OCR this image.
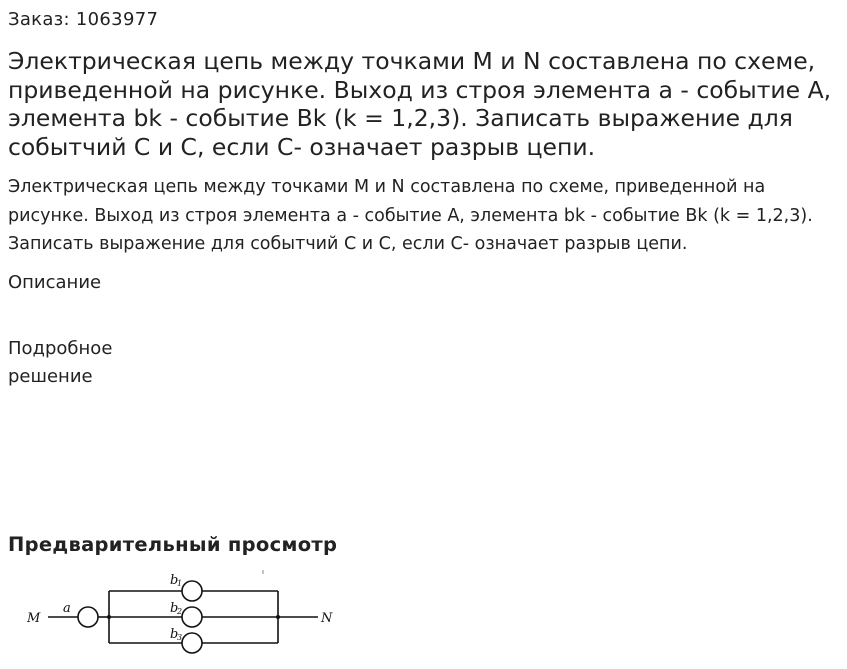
Заказ: 1063977
Электрическая цепь между точками M и N составлена по схеме, приведенной на рисунке. Выход из строя элемента a - событие A, элемента bk - событие Bk (k = 1,2,3). Записать выражение для событчий C и C, если C- означает разрыв цепи.
Электрическая цепь между точками M и N составлена по схеме, приведенной на рисунке. Выход из строя элемента a - событие A, элемента bk - событие Bk (k = 1,2,3). Записать выражение для событчий C и C, если C- означает разрыв цепи.
Описание
Подробное решение
Предварительный просмотр
M	N
a
b
1
b
2
b
3
